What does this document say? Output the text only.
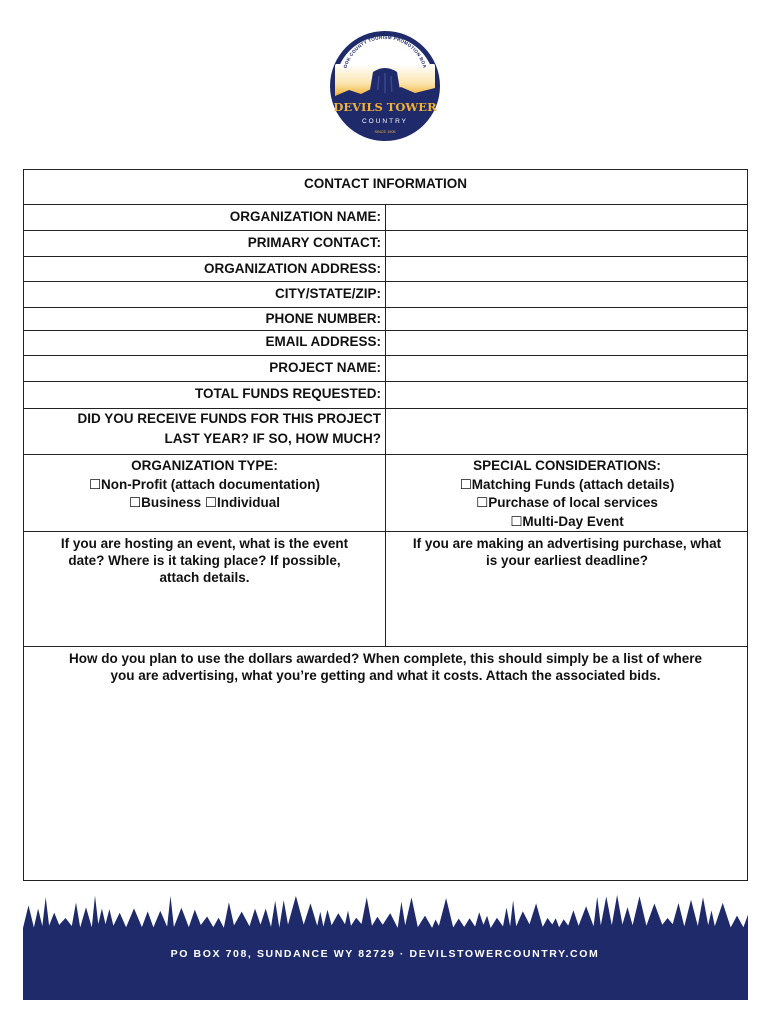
OOK COUNTY TOURISM PROMOTION BOA
DEVILS TOWER
COUNTRY
SINCE 1906
CONTACT INFORMATION
ORGANIZATION NAME:
PRIMARY CONTACT:
ORGANIZATION ADDRESS:
CITY/STATE/ZIP:
PHONE NUMBER:
EMAIL ADDRESS:
PROJECT NAME:
TOTAL FUNDS REQUESTED:
DID YOU RECEIVE FUNDS FOR THIS PROJECT
LAST YEAR? IF SO, HOW MUCH?
ORGANIZATION TYPE:
☐Non-Profit (attach documentation)
☐Business ☐Individual
SPECIAL CONSIDERATIONS:
☐Matching Funds (attach details)
☐Purchase of local services
☐Multi-Day Event
If you are hosting an event, what is the event
date? Where is it taking place? If possible,
attach details.
If you are making an advertising purchase, what
is your earliest deadline?
How do you plan to use the dollars awarded? When complete, this should simply be a list of where
you are advertising, what you’re getting and what it costs. Attach the associated bids.
PO BOX 708, SUNDANCE WY 82729 · DEVILSTOWERCOUNTRY.COM
